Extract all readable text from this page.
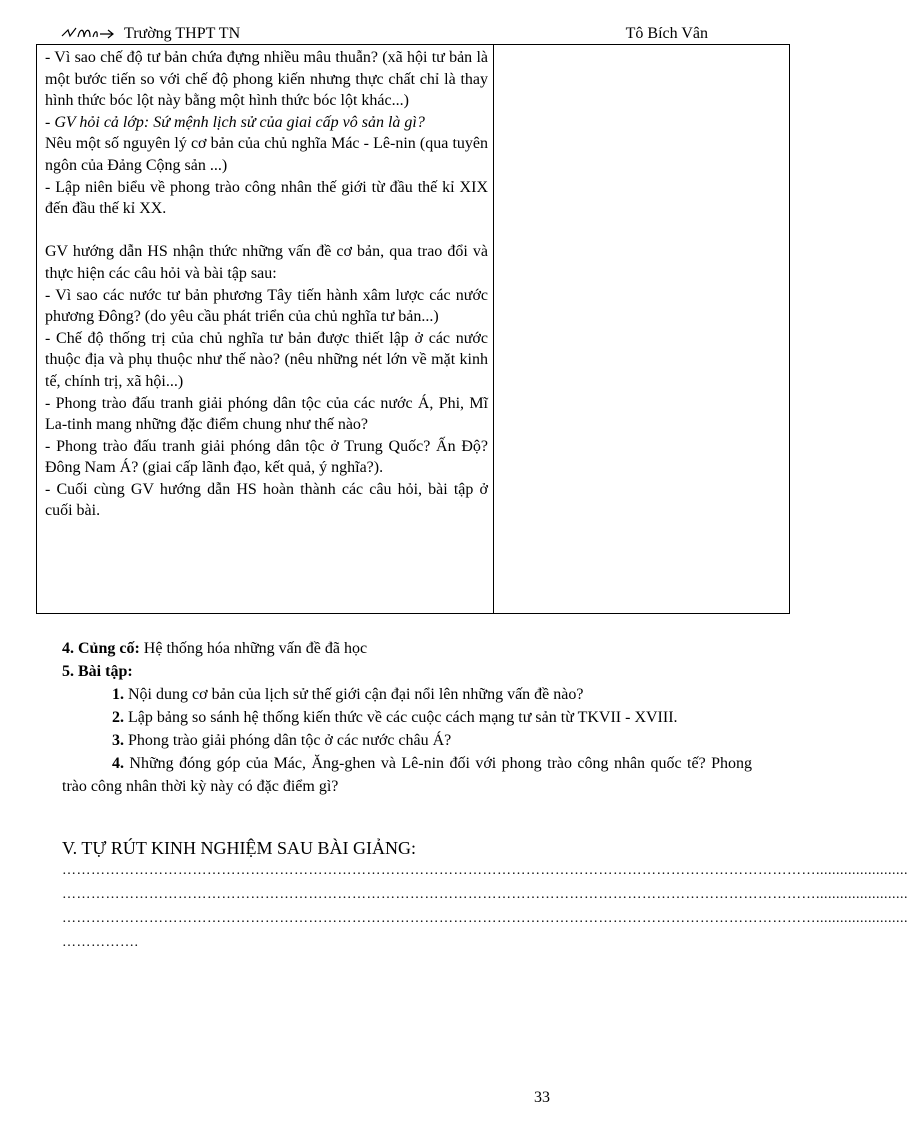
Trường THPT TN	Tô Bích Vân

- Vì sao chế độ tư bản chứa đựng nhiều mâu thuẫn? (xã hội tư bản là một bước tiến so với chế độ phong kiến nhưng thực chất chỉ là thay hình thức bóc lột này bằng một hình thức bóc lột khác...)

- GV hỏi cả lớp: Sứ mệnh lịch sử của giai cấp vô sản là gì?

Nêu một số nguyên lý cơ bản của chủ nghĩa Mác - Lê-nin (qua tuyên ngôn của Đảng Cộng sản ...)

- Lập niên biểu về phong trào công nhân thế giới từ đầu thế kỉ XIX đến đầu thế kỉ XX.

GV hướng dẫn HS nhận thức những vấn đề cơ bản, qua trao đổi và thực hiện các câu hỏi và bài tập sau:

- Vì sao các nước tư bản phương Tây tiến hành xâm lược các nước phương Đông? (do yêu cầu phát triển của chủ nghĩa tư bản...)

- Chế độ thống trị của chủ nghĩa tư bản được thiết lập ở các nước thuộc địa và phụ thuộc như thế nào? (nêu những nét lớn về mặt kinh tế, chính trị, xã hội...)

- Phong trào đấu tranh giải phóng dân tộc của các nước Á, Phi, Mĩ La-tinh mang những đặc điểm chung như thế nào?

- Phong trào đấu tranh giải phóng dân tộc ở Trung Quốc? Ấn Độ? Đông Nam Á? (giai cấp lãnh đạo, kết quả, ý nghĩa?).

- Cuối cùng GV hướng dẫn HS hoàn thành các câu hỏi, bài tập ở cuối bài.

4. Củng cố: Hệ thống hóa những vấn đề đã học

5. Bài tập:

1. Nội dung cơ bản của lịch sử thế giới cận đại nổi lên những vấn đề nào?

2. Lập bảng so sánh hệ thống kiến thức về các cuộc cách mạng tư sản từ TKVII - XVIII.

3. Phong trào giải phóng dân tộc ở các nước châu Á?

4. Những đóng góp của Mác, Ăng-ghen và Lê-nin đối với phong trào công nhân quốc tế? Phong trào công nhân thời kỳ này có đặc điểm gì?

V. TỰ RÚT KINH NGHIỆM SAU BÀI GIẢNG:
………………………………………………………………………………………………………………………………………….......................
………………………………………………………………………………………………………………………………………….......................
………………………………………………………………………………………………………………………………………….......................
…………….
33
